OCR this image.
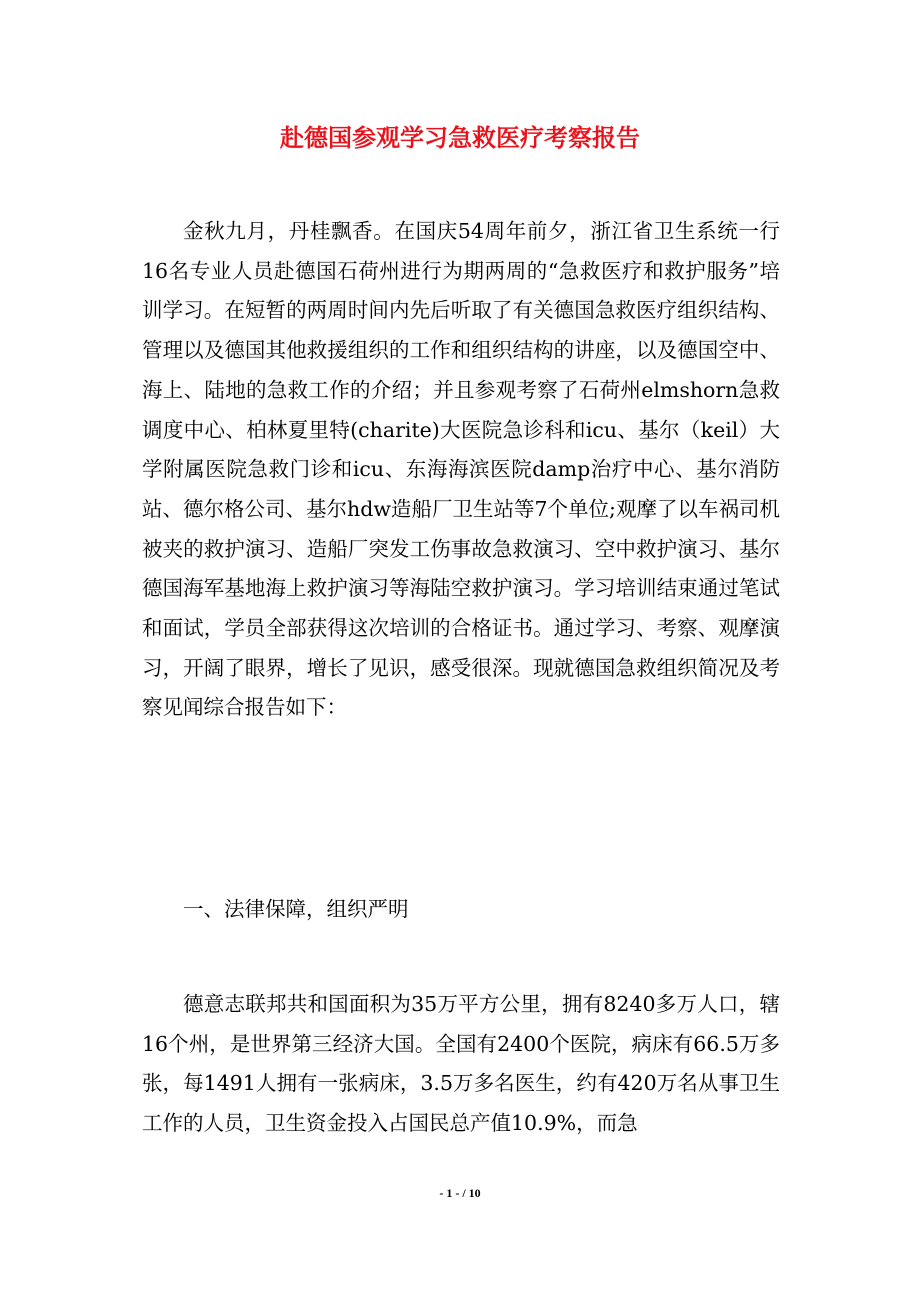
赴德国参观学习急救医疗考察报告

金秋九月，丹桂飘香。在国庆54周年前夕，浙江省卫生系统一行16名专业人员赴德国石荷州进行为期两周的“急救医疗和救护服务”培训学习。在短暂的两周时间内先后听取了有关德国急救医疗组织结构、管理以及德国其他救援组织的工作和组织结构的讲座，以及德国空中、海上、陆地的急救工作的介绍；并且参观考察了石荷州elmshorn急救调度中心、柏林夏里特(charite)大医院急诊科和icu、基尔（keil）大学附属医院急救门诊和icu、东海海滨医院damp治疗中心、基尔消防站、德尔格公司、基尔hdw造船厂卫生站等7个单位;观摩了以车祸司机被夹的救护演习、造船厂突发工伤事故急救演习、空中救护演习、基尔德国海军基地海上救护演习等海陆空救护演习。学习培训结束通过笔试和面试，学员全部获得这次培训的合格证书。通过学习、考察、观摩演习，开阔了眼界，增长了见识，感受很深。现就德国急救组织简况及考察见闻综合报告如下：

一、法律保障，组织严明

德意志联邦共和国面积为35万平方公里，拥有8240多万人口，辖16个州，是世界第三经济大国。全国有2400个医院，病床有66.5万多张，每1491人拥有一张病床，3.5万多名医生，约有420万名从事卫生工作的人员，卫生资金投入占国民总产值10.9%，而急

- 1 - / 10
